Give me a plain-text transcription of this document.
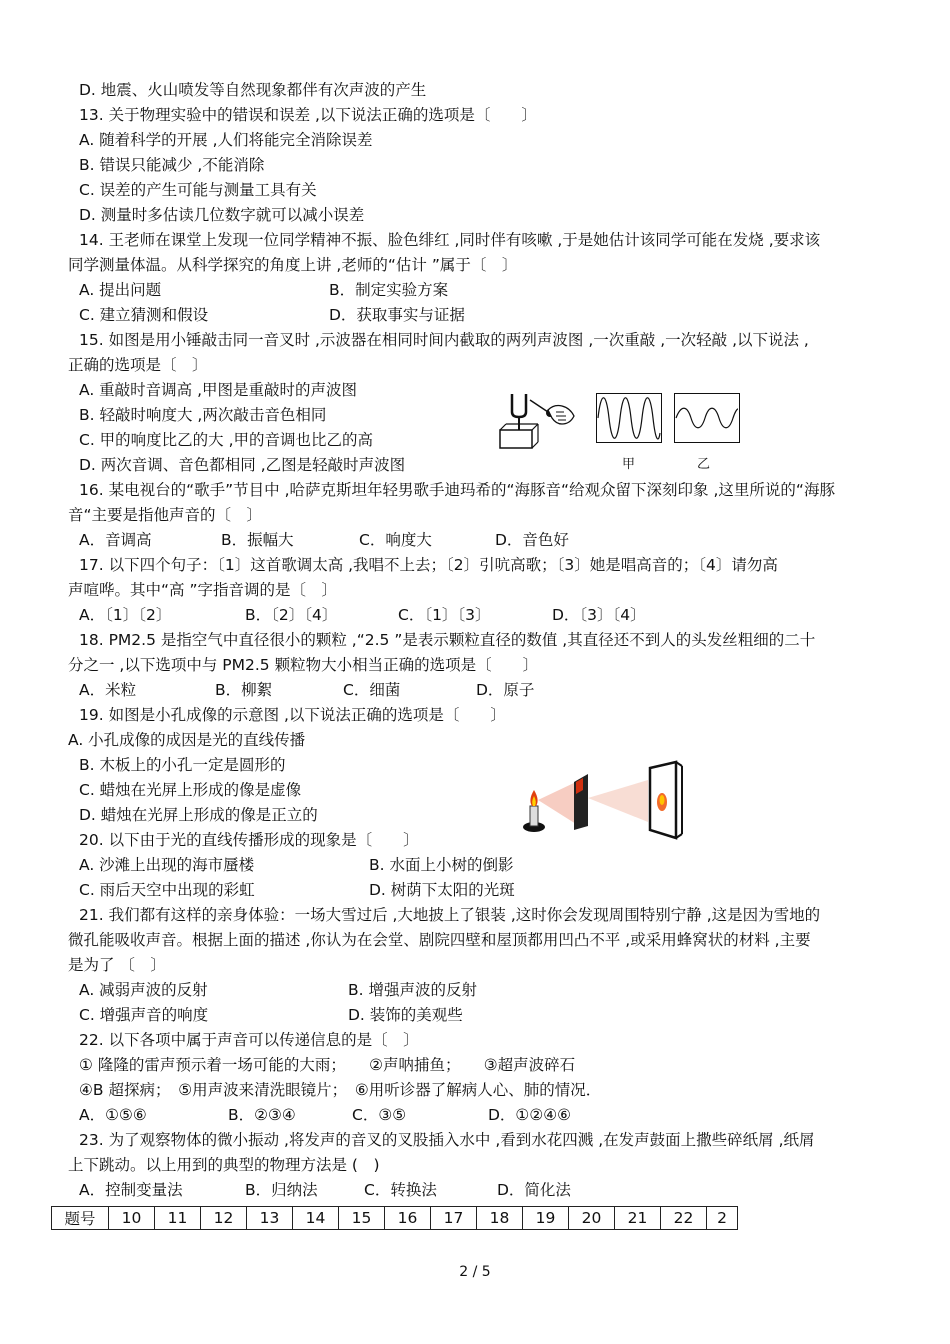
D. 地震、火山喷发等自然现象都伴有次声波的产生
13. 关于物理实验中的错误和误差 ,以下说法正确的选项是〔　　〕
A. 随着科学的开展 ,人们将能完全消除误差
B. 错误只能减少 ,不能消除
C. 误差的产生可能与测量工具有关
D. 测量时多估读几位数字就可以减小误差
14. 王老师在课堂上发现一位同学精神不振、脸色绯红 ,同时伴有咳嗽 ,于是她估计该同学可能在发烧 ,要求该
同学测量体温。从科学探究的角度上讲 ,老师的“估计 ”属于〔　〕
A. 提出问题	B．制定实验方案
C. 建立猜测和假设	D．获取事实与证据
15. 如图是用小锤敲击同一音叉时 ,示波器在相同时间内截取的两列声波图 ,一次重敲 ,一次轻敲 ,以下说法 ,
正确的选项是〔　〕
A. 重敲时音调高 ,甲图是重敲时的声波图
B. 轻敲时响度大 ,两次敲击音色相同
C. 甲的响度比乙的大 ,甲的音调也比乙的高
D. 两次音调、音色都相同 ,乙图是轻敲时声波图	甲	乙
16. 某电视台的“歌手”节目中 ,哈萨克斯坦年轻男歌手迪玛希的“海豚音“给观众留下深刻印象 ,这里所说的“海豚
音“主要是指他声音的〔　〕
A．音调高	B．振幅大	C．响度大	D．音色好
17. 以下四个句子：〔1〕这首歌调太高 ,我唱不上去；〔2〕引吭高歌；〔3〕她是唱高音的；〔4〕请勿高
声喧哗。其中“高 ”字指音调的是〔　〕
A．〔1〕〔2〕	B．〔2〕〔4〕	C．〔1〕〔3〕	D．〔3〕〔4〕
18. PM2.5 是指空气中直径很小的颗粒 ,“2.5 ”是表示颗粒直径的数值 ,其直径还不到人的头发丝粗细的二十
分之一 ,以下选项中与 PM2.5 颗粒物大小相当正确的选项是〔　　〕
A．米粒	B．柳絮	C．细菌	D．原子
19. 如图是小孔成像的示意图 ,以下说法正确的选项是〔　　〕
A. 小孔成像的成因是光的直线传播
B. 木板上的小孔一定是圆形的
C. 蜡烛在光屏上形成的像是虚像
D. 蜡烛在光屏上形成的像是正立的
20. 以下由于光的直线传播形成的现象是〔　　〕
A. 沙滩上出现的海市蜃楼	B. 水面上小树的倒影
C. 雨后天空中出现的彩虹	D. 树荫下太阳的光斑
21. 我们都有这样的亲身体验：一场大雪过后 ,大地披上了银装 ,这时你会发现周围特别宁静 ,这是因为雪地的
微孔能吸收声音。根据上面的描述 ,你认为在会堂、剧院四壁和屋顶都用凹凸不平 ,或采用蜂窝状的材料 ,主要
是为了 〔　〕
A. 减弱声波的反射	B. 增强声波的反射
C. 增强声音的响度	D. 装饰的美观些
22. 以下各项中属于声音可以传递信息的是〔　〕
① 隆隆的雷声预示着一场可能的大雨；　　②声呐捕鱼；　　③超声波碎石
④B 超探病；　⑤用声波来清洗眼镜片；　⑥用听诊器了解病人心、肺的情况．
A．①⑤⑥	B．②③④	C．③⑤	D．①②④⑥
23. 为了观察物体的微小振动 ,将发声的音叉的叉股插入水中 ,看到水花四溅 ,在发声鼓面上撒些碎纸屑 ,纸屑
上下跳动。以上用到的典型的物理方法是 (　)
A．控制变量法	B．归纳法	C．转换法	D．简化法
题号	10	11	12	13	14	15	16	17	18	19	20	21	22	2
2 / 5
